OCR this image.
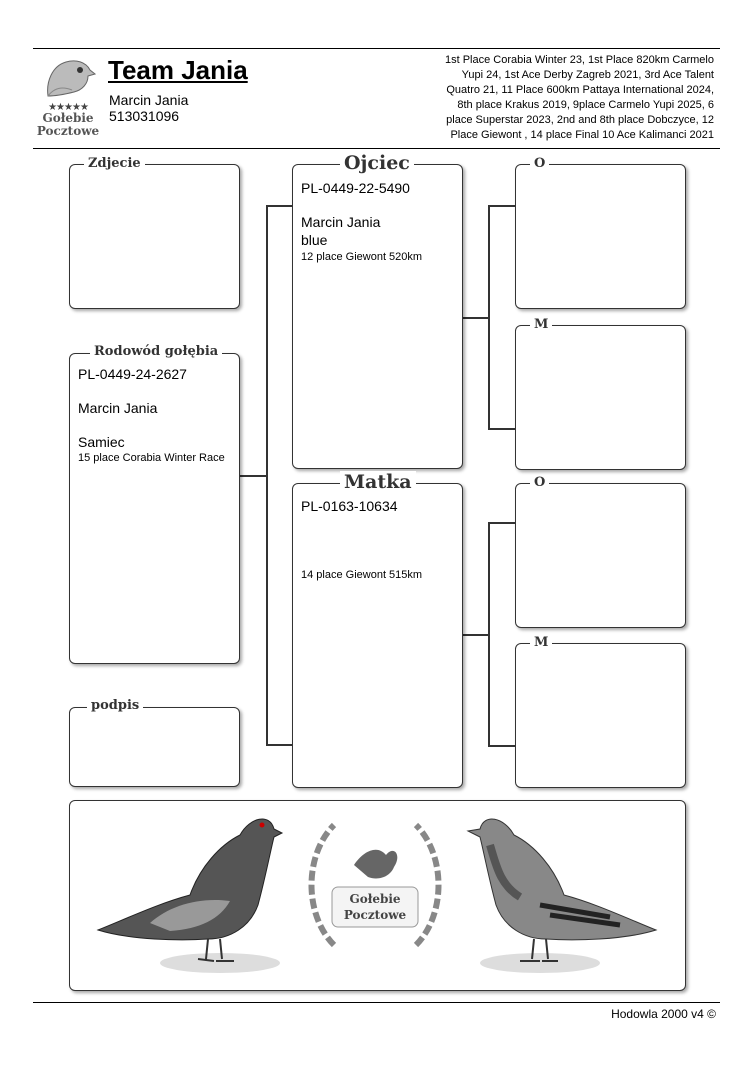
★★★★★
Gołebie
Pocztowe
Team Jania
Marcin Jania
513031096
1st Place Corabia Winter 23, 1st Place 820km Carmelo Yupi 24, 1st Ace Derby Zagreb 2021, 3rd Ace Talent Quatro 21, 11 Place 600km Pattaya International 2024, 8th place Krakus 2019, 9place Carmelo Yupi 2025, 6 place Superstar 2023, 2nd and 8th place Dobczyce, 12 Place Giewont , 14 place Final 10 Ace Kalimanci 2021
Zdjecie
Rodowód gołębia
PL-0449-24-2627
Marcin Jania
Samiec
15 place Corabia Winter Race
podpis
Ojciec
PL-0449-22-5490
Marcin Jania
blue
12 place Giewont 520km
Matka
PL-0163-10634
14 place Giewont 515km
O
M
O
M
Gołebie
Pocztowe
Hodowla 2000 v4 ©
